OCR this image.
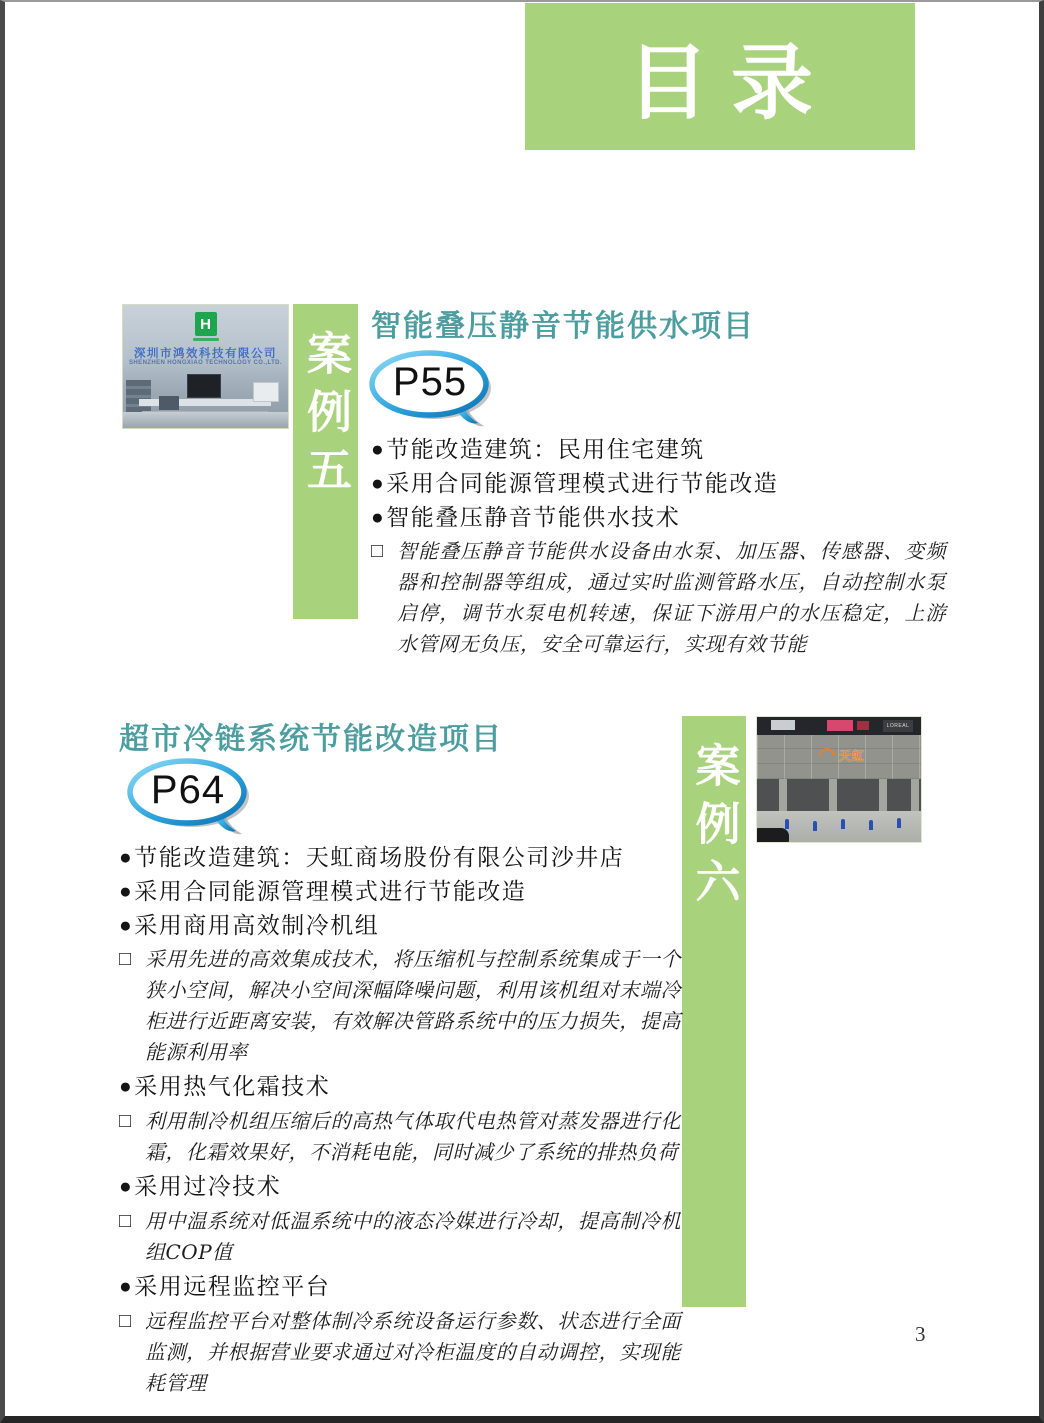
目录
H
深圳市鸿效科技有限公司
SHENZHEN HONGXIAO TECHNOLOGY CO.,LTD. 案例五
智能叠压静音节能供水项目
P55
● 节能改造建筑：民用住宅建筑
● 采用合同能源管理模式进行节能改造
● 智能叠压静音节能供水技术
□ 智能叠压静音节能供水设备由水泵、加压器、传感器、变频器和控制器等组成，通过实时监测管路水压，自动控制水泵启停，调节水泵电机转速，保证下游用户的水压稳定，上游水管网无负压，安全可靠运行，实现有效节能
超市冷链系统节能改造项目
P64	案例六
LOREAL
天虹
● 节能改造建筑：天虹商场股份有限公司沙井店
● 采用合同能源管理模式进行节能改造
● 采用商用高效制冷机组
□ 采用先进的高效集成技术，将压缩机与控制系统集成于一个狭小空间，解决小空间深幅降噪问题，利用该机组对末端冷柜进行近距离安装，有效解决管路系统中的压力损失，提高能源利用率
● 采用热气化霜技术
□ 利用制冷机组压缩后的高热气体取代电热管对蒸发器进行化霜，化霜效果好，不消耗电能，同时减少了系统的排热负荷
● 采用过冷技术
□ 用中温系统对低温系统中的液态冷媒进行冷却，提高制冷机组COP值
● 采用远程监控平台
□ 远程监控平台对整体制冷系统设备运行参数、状态进行全面监测，并根据营业要求通过对冷柜温度的自动调控，实现能耗管理
3
